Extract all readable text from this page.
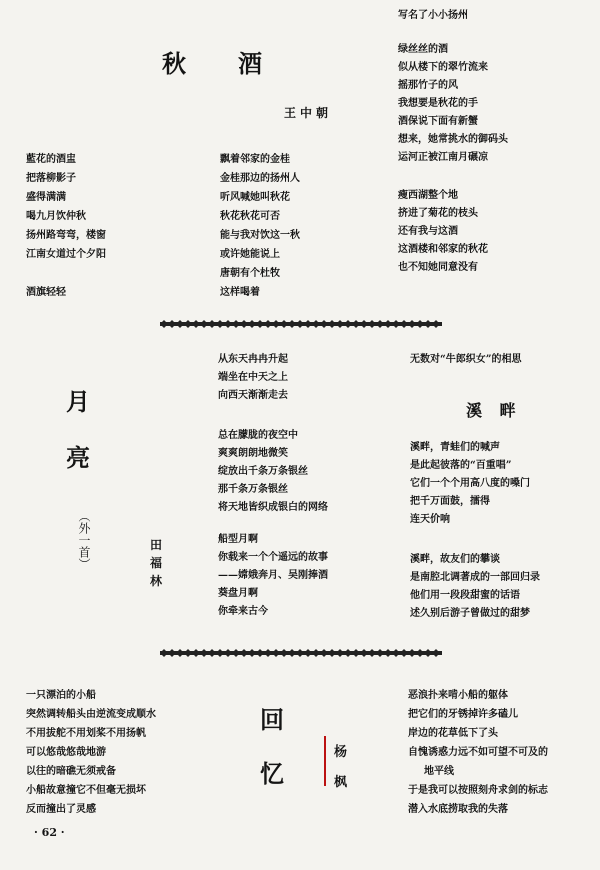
秋 酒
王中朝
藍花的酒盅
把落柳影子
盛得满满
喝九月饮仲秋
扬州路弯弯，楼窗
江南女道过个夕阳
酒旗轻轻
飘着邻家的金桂
金桂那边的扬州人
听风喊她叫秋花
秋花秋花可否
能与我对饮这一秋
或许她能说上
唐朝有个杜牧
这样喝着
写名了小小扬州
绿丝丝的酒
似从楼下的翠竹流来
摇那竹子的风
我想要是秋花的手
酒保说下面有新蟹
想来，她常挑水的御码头
运河正被江南月碾凉
瘦西湖整个地
挤进了菊花的枝头
还有我与这酒
这酒楼和邻家的秋花
也不知她同意没有
月
亮
（外一首）	田
福
林
从东天冉冉升起
端坐在中天之上
向西天渐渐走去
总在朦胧的夜空中
爽爽朗朗地微笑
绽放出千条万条银丝
那千条万条银丝
将天地皆织成银白的网络
船型月啊
你载来一个个遥远的故事
——嫦娥奔月、吴刚捧酒
葵盘月啊
你牵来古今
无数对“牛郎织女”的相思
溪 畔
溪畔，青蛙们的喊声
是此起彼落的“百重唱”
它们一个个用高八度的嗓门
把千万面鼓，擂得
连天价响
溪畔，故友们的攀谈
是南腔北调著成的一部回归录
他们用一段段甜蜜的话语
述久别后游子曾做过的甜梦
一只漂泊的小船
突然调转船头由逆流变成顺水
不用拔舵不用划桨不用扬帆
可以悠哉悠哉地游
以往的暗礁无须戒备
小船故意撞它不但毫无损坏
反而撞出了灵感
回
忆
杨
枫
恶浪扑来啃小船的躯体
把它们的牙锈掉许多磕儿
岸边的花草低下了头
自愧诱惑力远不如可望不可及的
地平线
于是我可以按照刻舟求剑的标志
潜入水底捞取我的失落
· 62 ·
